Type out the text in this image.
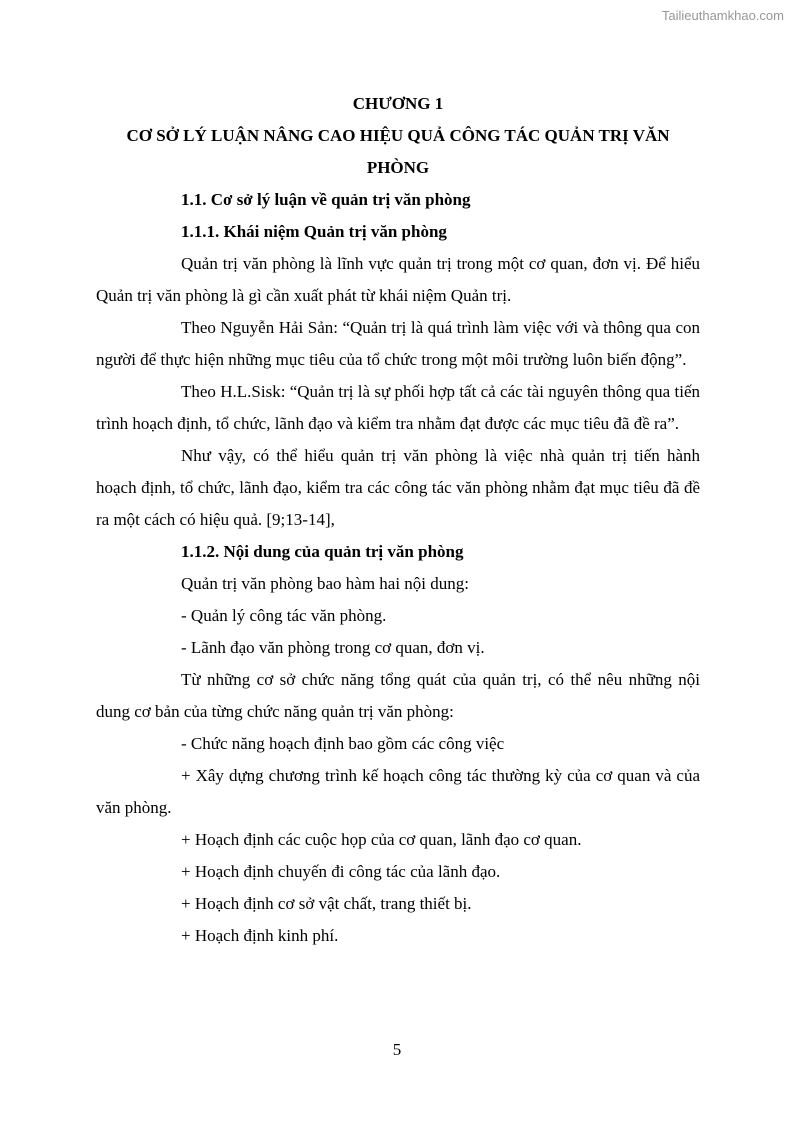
Tailieuthamkhao.com

CHƯƠNG 1

CƠ SỞ LÝ LUẬN NÂNG CAO HIỆU QUẢ CÔNG TÁC QUẢN TRỊ VĂN PHÒNG

1.1. Cơ sở lý luận về quản trị văn phòng

1.1.1. Khái niệm Quản trị văn phòng

Quản trị văn phòng là lĩnh vực quản trị trong một cơ quan, đơn vị. Để hiểu Quản trị văn phòng là gì cần xuất phát từ khái niệm Quản trị.

Theo Nguyễn Hải Sản: “Quản trị là quá trình làm việc với và thông qua con người để thực hiện những mục tiêu của tổ chức trong một môi trường luôn biến động”.

Theo H.L.Sisk: “Quản trị là sự phối hợp tất cả các tài nguyên thông qua tiến trình hoạch định, tổ chức, lãnh đạo và kiểm tra nhằm đạt được các mục tiêu đã đề ra”.

Như vậy, có thể hiểu quản trị văn phòng là việc nhà quản trị tiến hành hoạch định, tổ chức, lãnh đạo, kiểm tra các công tác văn phòng nhằm đạt mục tiêu đã đề ra một cách có hiệu quả. [9;13-14],

1.1.2. Nội dung của quản trị văn phòng

Quản trị văn phòng bao hàm hai nội dung:

- Quản lý công tác văn phòng.

- Lãnh đạo văn phòng trong cơ quan, đơn vị.

Từ những cơ sở chức năng tổng quát của quản trị, có thể nêu những nội dung cơ bản của từng chức năng quản trị văn phòng:

- Chức năng hoạch định bao gồm các công việc

+ Xây dựng chương trình kế hoạch công tác thường kỳ của cơ quan và của văn phòng.

+ Hoạch định các cuộc họp của cơ quan, lãnh đạo cơ quan.

+ Hoạch định chuyến đi công tác của lãnh đạo.

+ Hoạch định cơ sở vật chất, trang thiết bị.

+ Hoạch định kinh phí.

5
